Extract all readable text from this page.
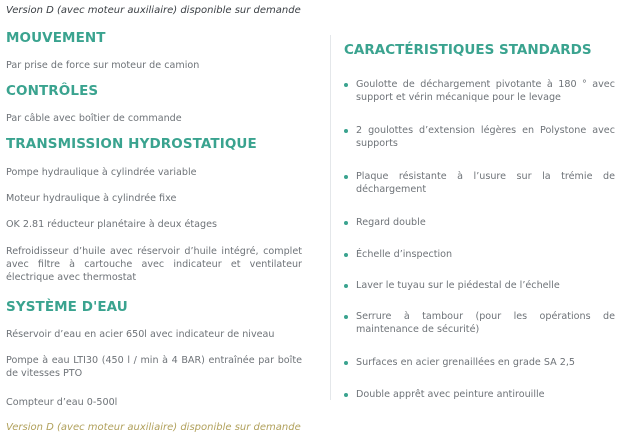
Version D (avec moteur auxiliaire) disponible sur demande
MOUVEMENT
Par prise de force sur moteur de camion
CONTRÔLES
Par câble avec boîtier de commande
TRANSMISSION HYDROSTATIQUE
Pompe hydraulique à cylindrée variable
Moteur hydraulique à cylindrée fixe
OK 2.81 réducteur planétaire à deux étages
Refroidisseur d’huile avec réservoir d’huile intégré, complet avec filtre à cartouche avec indicateur et ventilateur électrique avec thermostat
SYSTÈME D'EAU
Réservoir d’eau en acier 650l avec indicateur de niveau
Pompe à eau LTI30 (450 l / min à 4 BAR) entraînée par boîte de vitesses PTO
Compteur d’eau 0-500l
CARACTÉRISTIQUES STANDARDS
Goulotte de déchargement pivotante à 180 ° avec support et vérin mécanique pour le levage
2 goulottes d’extension légères en Polystone avec supports
Plaque résistante à l’usure sur la trémie de déchargement
Regard double
Échelle d’inspection
Laver le tuyau sur le piédestal de l’échelle
Serrure à tambour (pour les opérations de maintenance de sécurité)
Surfaces en acier grenaillées en grade SA 2,5
Double apprêt avec peinture antirouille
Version D (avec moteur auxiliaire) disponible sur demande
